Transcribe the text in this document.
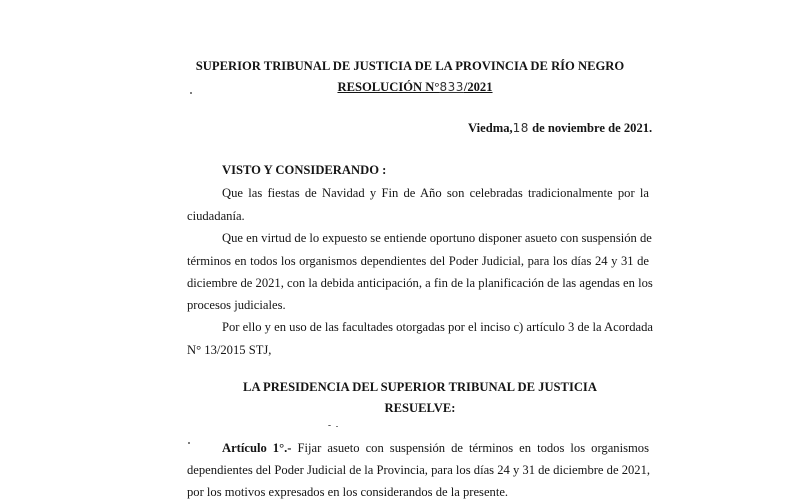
SUPERIOR TRIBUNAL DE JUSTICIA DE LA PROVINCIA DE RÍO NEGRO
RESOLUCIÓN N°833/2021
Viedma,18 de noviembre de 2021.
VISTO Y CONSIDERANDO :
Que las fiestas de Navidad y Fin de Año son celebradas tradicionalmente por la
ciudadanía.
Que en virtud de lo expuesto se entiende oportuno disponer asueto con suspensión de
términos en todos los organismos dependientes del Poder Judicial, para los días 24 y 31 de
diciembre de 2021, con la debida anticipación, a fin de la planificación de las agendas en los
procesos judiciales.
Por ello y en uso de las facultades otorgadas por el inciso c) artículo 3 de la Acordada
N° 13/2015 STJ,
LA PRESIDENCIA DEL SUPERIOR TRIBUNAL DE JUSTICIA
RESUELVE:
Artículo 1°.- Fijar asueto con suspensión de términos en todos los organismos
dependientes del Poder Judicial de la Provincia, para los días 24 y 31 de diciembre de 2021,
por los motivos expresados en los considerandos de la presente.
